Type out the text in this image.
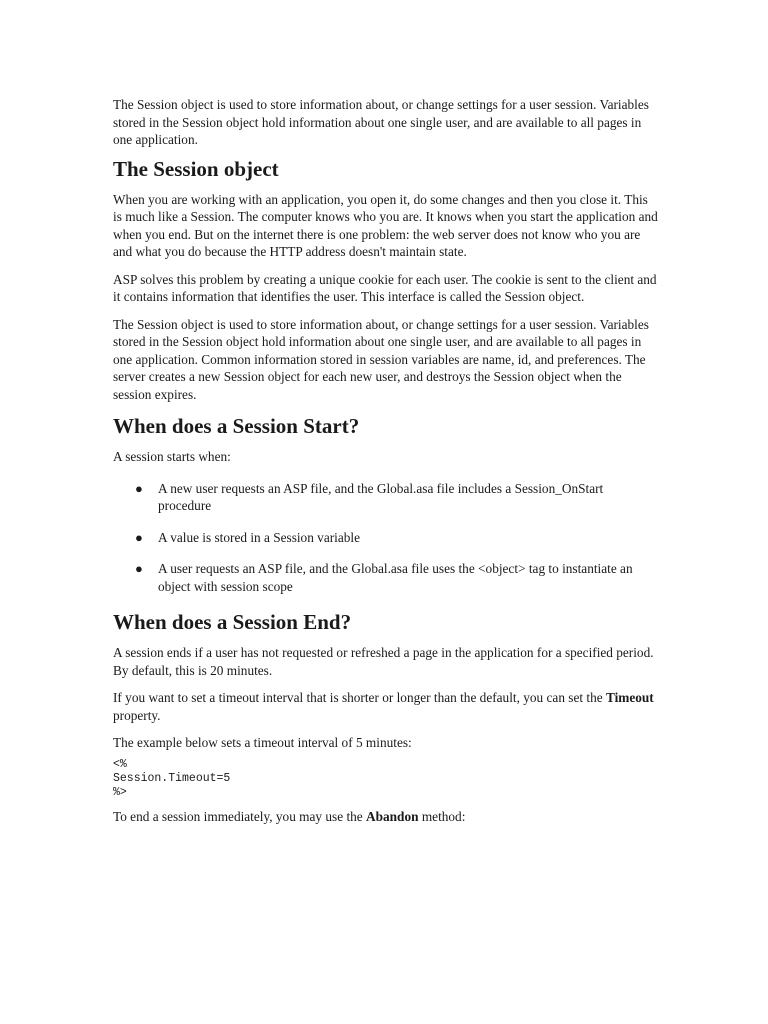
The Session object is used to store information about, or change settings for a user session. Variables stored in the Session object hold information about one single user, and are available to all pages in one application.

The Session object

When you are working with an application, you open it, do some changes and then you close it. This is much like a Session. The computer knows who you are. It knows when you start the application and when you end. But on the internet there is one problem: the web server does not know who you are and what you do because the HTTP address doesn't maintain state.

ASP solves this problem by creating a unique cookie for each user. The cookie is sent to the client and it contains information that identifies the user. This interface is called the Session object.

The Session object is used to store information about, or change settings for a user session. Variables stored in the Session object hold information about one single user, and are available to all pages in one application. Common information stored in session variables are name, id, and preferences. The server creates a new Session object for each new user, and destroys the Session object when the session expires.

When does a Session Start?

A session starts when:

● A new user requests an ASP file, and the Global.asa file includes a Session_OnStart procedure
● A value is stored in a Session variable
● A user requests an ASP file, and the Global.asa file uses the <object> tag to instantiate an object with session scope
When does a Session End?

A session ends if a user has not requested or refreshed a page in the application for a specified period. By default, this is 20 minutes.

If you want to set a timeout interval that is shorter or longer than the default, you can set the Timeout property.

The example below sets a timeout interval of 5 minutes:

<%
Session.Timeout=5
%>

To end a session immediately, you may use the Abandon method:
